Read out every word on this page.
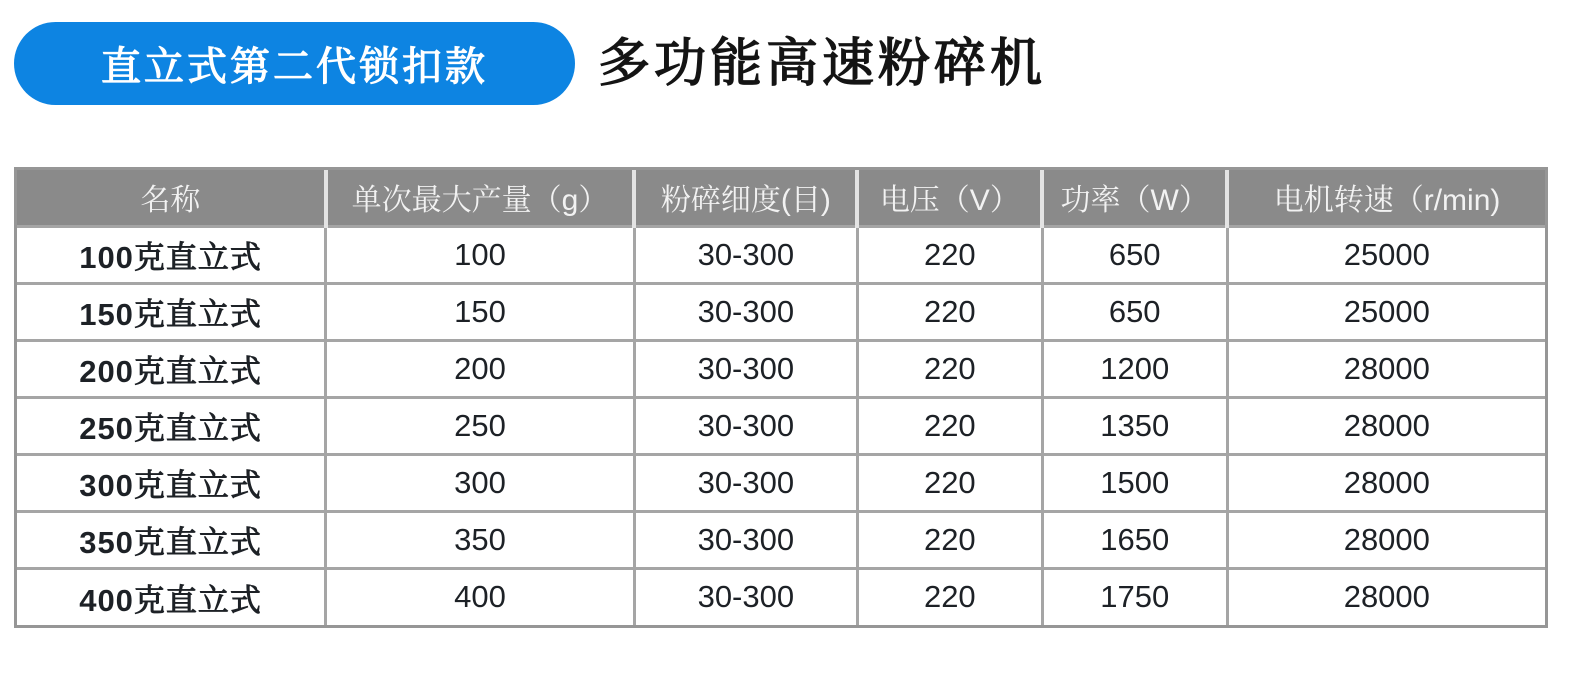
直立式第二代锁扣款	多功能高速粉碎机
名称	单次最大产量（g）	粉碎细度(目)	电压（V）	功率（W）	电机转速（r/min)
100克直立式	100	30-300	220	650	25000
150克直立式	150	30-300	220	650	25000
200克直立式	200	30-300	220	1200	28000
250克直立式	250	30-300	220	1350	28000
300克直立式	300	30-300	220	1500	28000
350克直立式	350	30-300	220	1650	28000
400克直立式	400	30-300	220	1750	28000
